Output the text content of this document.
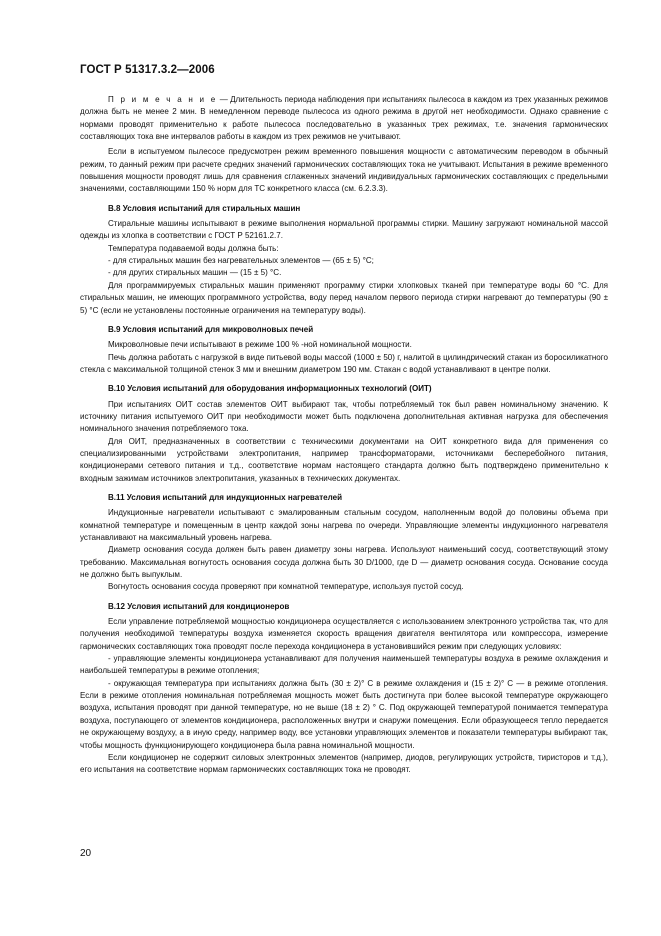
ГОСТ Р 51317.3.2—2006

П р и м е ч а н и е — Длительность периода наблюдения при испытаниях пылесоса в каждом из трех указанных режимов должна быть не менее 2 мин. В немедленном переводе пылесоса из одного режима в другой нет необходимости. Однако сравнение с нормами проводят применительно к работе пылесоса последовательно в указанных трех режимах, т.е. значения гармонических составляющих тока вне интервалов работы в каждом из трех режимов не учитывают.

Если в испытуемом пылесосе предусмотрен режим временного повышения мощности с автоматическим переводом в обычный режим, то данный режим при расчете средних значений гармонических составляющих тока не учитывают. Испытания в режиме временного повышения мощности проводят лишь для сравнения сглаженных значений индивидуальных гармонических составляющих с предельными значениями, составляющими 150 % норм для ТС конкретного класса (см. 6.2.3.3).

В.8 Условия испытаний для стиральных машин

Стиральные машины испытывают в режиме выполнения нормальной программы стирки. Машину загружают номинальной массой одежды из хлопка в соответствии с ГОСТ Р 52161.2.7.

Температура подаваемой воды должна быть:

- для стиральных машин без нагревательных элементов — (65 ± 5) °С;

- для других стиральных машин — (15 ± 5) °С.

Для программируемых стиральных машин применяют программу стирки хлопковых тканей при температуре воды 60 °С. Для стиральных машин, не имеющих программного устройства, воду перед началом первого периода стирки нагревают до температуры (90 ± 5) °С (если не установлены постоянные ограничения на температуру воды).

В.9 Условия испытаний для микроволновых печей

Микроволновые печи испытывают в режиме 100 % -ной номинальной мощности.

Печь должна работать с нагрузкой в виде питьевой воды массой (1000 ± 50) г, налитой в цилиндрический стакан из боросиликатного стекла с максимальной толщиной стенок 3 мм и внешним диаметром 190 мм. Стакан с водой устанавливают в центре полки.

В.10 Условия испытаний для оборудования информационных технологий (ОИТ)

При испытаниях ОИТ состав элементов ОИТ выбирают так, чтобы потребляемый ток был равен номинальному значению. К источнику питания испытуемого ОИТ при необходимости может быть подключена дополнительная активная нагрузка для обеспечения номинального значения потребляемого тока.

Для ОИТ, предназначенных в соответствии с техническими документами на ОИТ конкретного вида для применения со специализированными устройствами электропитания, например трансформаторами, источниками бесперебойного питания, кондиционерами сетевого питания и т.д., соответствие нормам настоящего стандарта должно быть подтверждено применительно к входным зажимам источников электропитания, указанных в технических документах.

В.11 Условия испытаний для индукционных нагревателей

Индукционные нагреватели испытывают с эмалированным стальным сосудом, наполненным водой до половины объема при комнатной температуре и помещенным в центр каждой зоны нагрева по очереди. Управляющие элементы индукционного нагревателя устанавливают на максимальный уровень нагрева.

Диаметр основания сосуда должен быть равен диаметру зоны нагрева. Используют наименьший сосуд, соответствующий этому требованию. Максимальная вогнутость основания сосуда должна быть 30 D/1000, где D — диаметр основания сосуда. Основание сосуда не должно быть выпуклым.

Вогнутость основания сосуда проверяют при комнатной температуре, используя пустой сосуд.

В.12 Условия испытаний для кондиционеров

Если управление потребляемой мощностью кондиционера осуществляется с использованием электронного устройства так, что для получения необходимой температуры воздуха изменяется скорость вращения двигателя вентилятора или компрессора, измерение гармонических составляющих тока проводят после перехода кондиционера в установившийся режим при следующих условиях:

- управляющие элементы кондиционера устанавливают для получения наименьшей температуры воздуха в режиме охлаждения и наибольшей температуры в режиме отопления;

- окружающая температура при испытаниях должна быть (30 ± 2)° С в режиме охлаждения и (15 ± 2)° С — в режиме отопления. Если в режиме отопления номинальная потребляемая мощность может быть достигнута при более высокой температуре окружающего воздуха, испытания проводят при данной температуре, но не выше (18 ± 2) ° С. Под окружающей температурой понимается температура воздуха, поступающего от элементов кондиционера, расположенных внутри и снаружи помещения. Если образующееся тепло передается не окружающему воздуху, а в иную среду, например воду, все установки управляющих элементов и показатели температуры выбирают так, чтобы мощность функционирующего кондиционера была равна номинальной мощности.

Если кондиционер не содержит силовых электронных элементов (например, диодов, регулирующих устройств, тиристоров и т.д.), его испытания на соответствие нормам гармонических составляющих тока не проводят.

20
